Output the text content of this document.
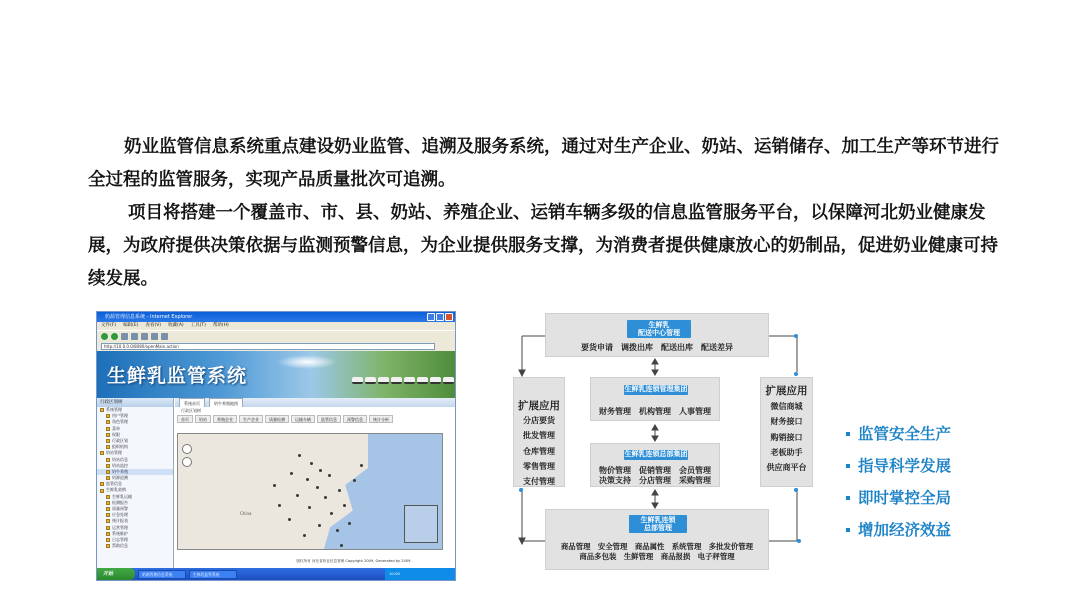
奶业监管信息系统重点建设奶业监管、追溯及服务系统，通过对生产企业、奶站、运销储存、加工生产等环节进行全过程的监管服务，实现产品质量批次可追溯。
项目将搭建一个覆盖市、市、县、奶站、养殖企业、运销车辆多级的信息监管服务平台，以保障河北奶业健康发展，为政府提供决策依据与监测预警信息，为企业提供服务支撑，为消费者提供健康放心的奶制品，促进奶业健康可持续发展。
奶源管理信息系统 - Internet Explorer
文件(F) 编辑(E) 查看(V) 收藏(A) 工具(T) 帮助(H)
http://10.0.0.0/8080/openMain.action
生鲜乳监管系统
行政区划树
系统管理
用户管理
角色管理
菜单
权限
行政区划
组织机构
奶站管理
奶站信息
奶站监控
奶牛养殖
奶源追溯
监管信息
生鲜乳收购
生鲜乳运输
检测报告
质量预警
应急处理
统计报表
运营管理
系统维护
日志管理
帮助信息
系统首页	奶牛养殖地图
行政区划树
首页	奶站	养殖企业	生产企业	质量检测	运输车辆	监管信息	预警信息	统计分析
China
版权所有 河北省奶业信息管理 Copyright 2009, Generated by 2009.
开始	奶源管理信息系统	生鲜乳监管系统	10:00
生鲜乳
配送中心管理
要货申请　调拨出库　配送出库　配送差异
生鲜乳连锁管理集团
财务管理　机构管理　人事管理
生鲜乳连锁总部集团
物价管理　促销管理　会员管理
决策支持　分店管理　采购管理
生鲜乳连锁
总部管理
商品管理　安全管理　商品属性　系统管理　多批发价管理
商品多包装　生鲜管理　商品报损　电子秤管理
扩展应用
分店要货
批发管理
仓库管理
零售管理
支付管理
扩展应用
微信商城
财务接口
购销接口
老板助手
供应商平台
监管安全生产
指导科学发展
即时掌控全局
增加经济效益
